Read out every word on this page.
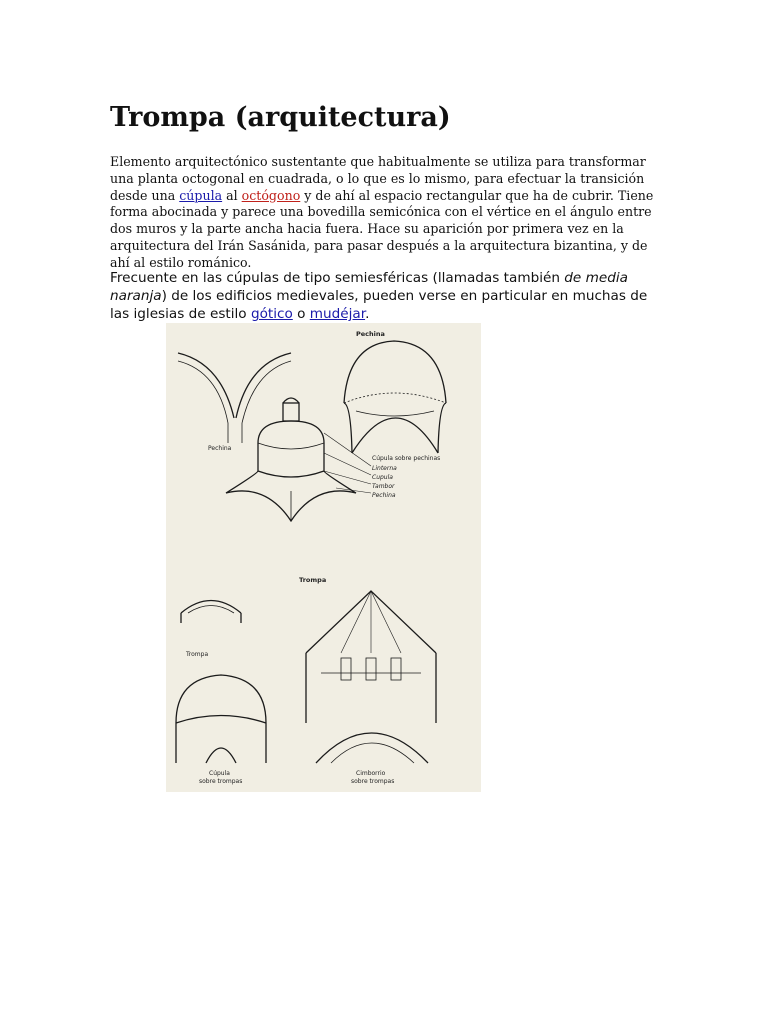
Trompa (arquitectura)

Elemento arquitectónico sustentante que habitualmente se utiliza para transformar una planta octogonal en cuadrada, o lo que es lo mismo, para efectuar la transición desde una cúpula al octógono y de ahí al espacio rectangular que ha de cubrir. Tiene forma abocinada y parece una bovedilla semicónica con el vértice en el ángulo entre dos muros y la parte ancha hacia fuera. Hace su aparición por primera vez en la arquitectura del Irán Sasánida, para pasar después a la arquitectura bizantina, y de ahí al estilo románico.

Frecuente en las cúpulas de tipo semiesféricas (llamadas también de media naranja) de los edificios medievales, pueden verse en particular en muchas de las iglesias de estilo gótico o mudéjar.

Pechina
Pechina
Cúpula sobre pechinas
Linterna
Cupula
Tambor
Pechina
Trompa
Trompa
Cúpula
sobre trompas
Cimborrio
sobre trompas
